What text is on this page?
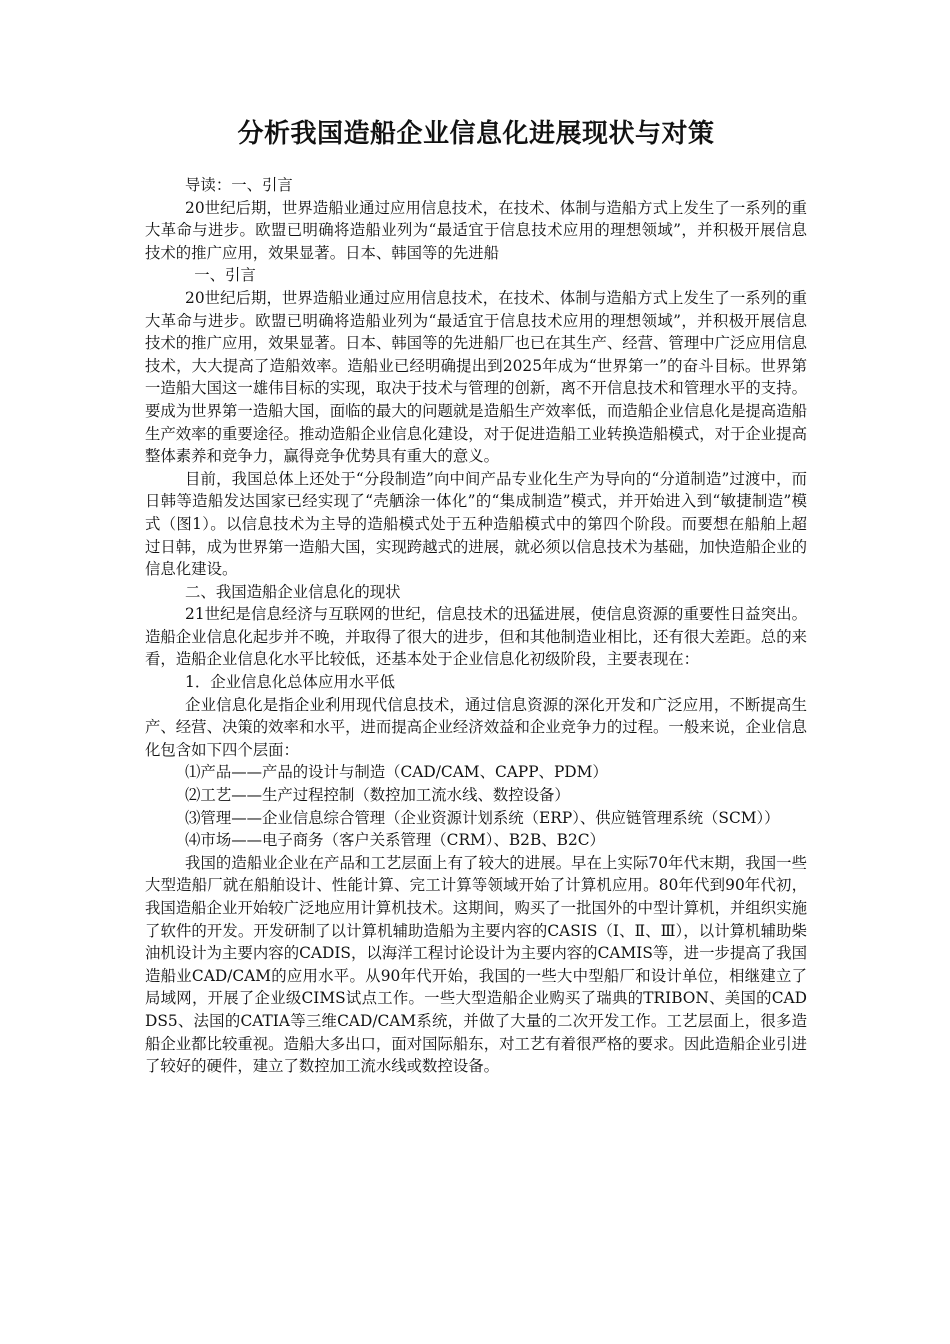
分析我国造船企业信息化进展现状与对策

导读：一、引言

20世纪后期，世界造船业通过应用信息技术，在技术、体制与造船方式上发生了一系列的重大革命与进步。欧盟已明确将造船业列为“最适宜于信息技术应用的理想领域”，并积极开展信息技术的推广应用，效果显著。日本、韩国等的先进船

一、引言

20世纪后期，世界造船业通过应用信息技术，在技术、体制与造船方式上发生了一系列的重大革命与进步。欧盟已明确将造船业列为“最适宜于信息技术应用的理想领域”，并积极开展信息技术的推广应用，效果显著。日本、韩国等的先进船厂也已在其生产、经营、管理中广泛应用信息技术，大大提高了造船效率。造船业已经明确提出到2025年成为“世界第一”的奋斗目标。世界第一造船大国这一雄伟目标的实现，取决于技术与管理的创新，离不开信息技术和管理水平的支持。要成为世界第一造船大国，面临的最大的问题就是造船生产效率低，而造船企业信息化是提高造船生产效率的重要途径。推动造船企业信息化建设，对于促进造船工业转换造船模式，对于企业提高整体素养和竞争力，赢得竞争优势具有重大的意义。

目前，我国总体上还处于“分段制造”向中间产品专业化生产为导向的“分道制造”过渡中，而日韩等造船发达国家已经实现了“壳舾涂一体化”的“集成制造”模式，并开始进入到“敏捷制造”模式（图1）。以信息技术为主导的造船模式处于五种造船模式中的第四个阶段。而要想在船舶上超过日韩，成为世界第一造船大国，实现跨越式的进展，就必须以信息技术为基础，加快造船企业的信息化建设。

二、我国造船企业信息化的现状

21世纪是信息经济与互联网的世纪，信息技术的迅猛进展，使信息资源的重要性日益突出。造船企业信息化起步并不晚，并取得了很大的进步，但和其他制造业相比，还有很大差距。总的来看，造船企业信息化水平比较低，还基本处于企业信息化初级阶段，主要表现在：

1．企业信息化总体应用水平低

企业信息化是指企业利用现代信息技术，通过信息资源的深化开发和广泛应用，不断提高生产、经营、决策的效率和水平，进而提高企业经济效益和企业竞争力的过程。一般来说，企业信息化包含如下四个层面：

⑴产品——产品的设计与制造（CAD/CAM、CAPP、PDM）

⑵工艺——生产过程控制（数控加工流水线、数控设备）

⑶管理——企业信息综合管理（企业资源计划系统（ERP）、供应链管理系统（SCM））

⑷市场——电子商务（客户关系管理（CRM）、B2B、B2C）

我国的造船业企业在产品和工艺层面上有了较大的进展。早在上实际70年代末期，我国一些大型造船厂就在船舶设计、性能计算、完工计算等领域开始了计算机应用。80年代到90年代初，我国造船企业开始较广泛地应用计算机技术。这期间，购买了一批国外的中型计算机，并组织实施了软件的开发。开发研制了以计算机辅助造船为主要内容的CASIS（Ⅰ、Ⅱ、Ⅲ），以计算机辅助柴油机设计为主要内容的CADIS，以海洋工程讨论设计为主要内容的CAMIS等，进一步提高了我国造船业CAD/CAM的应用水平。从90年代开始，我国的一些大中型船厂和设计单位，相继建立了局域网，开展了企业级CIMS试点工作。一些大型造船企业购买了瑞典的TRIBON、美国的CADDS5、法国的CATIA等三维CAD/CAM系统，并做了大量的二次开发工作。工艺层面上，很多造船企业都比较重视。造船大多出口，面对国际船东，对工艺有着很严格的要求。因此造船企业引进了较好的硬件，建立了数控加工流水线或数控设备。
